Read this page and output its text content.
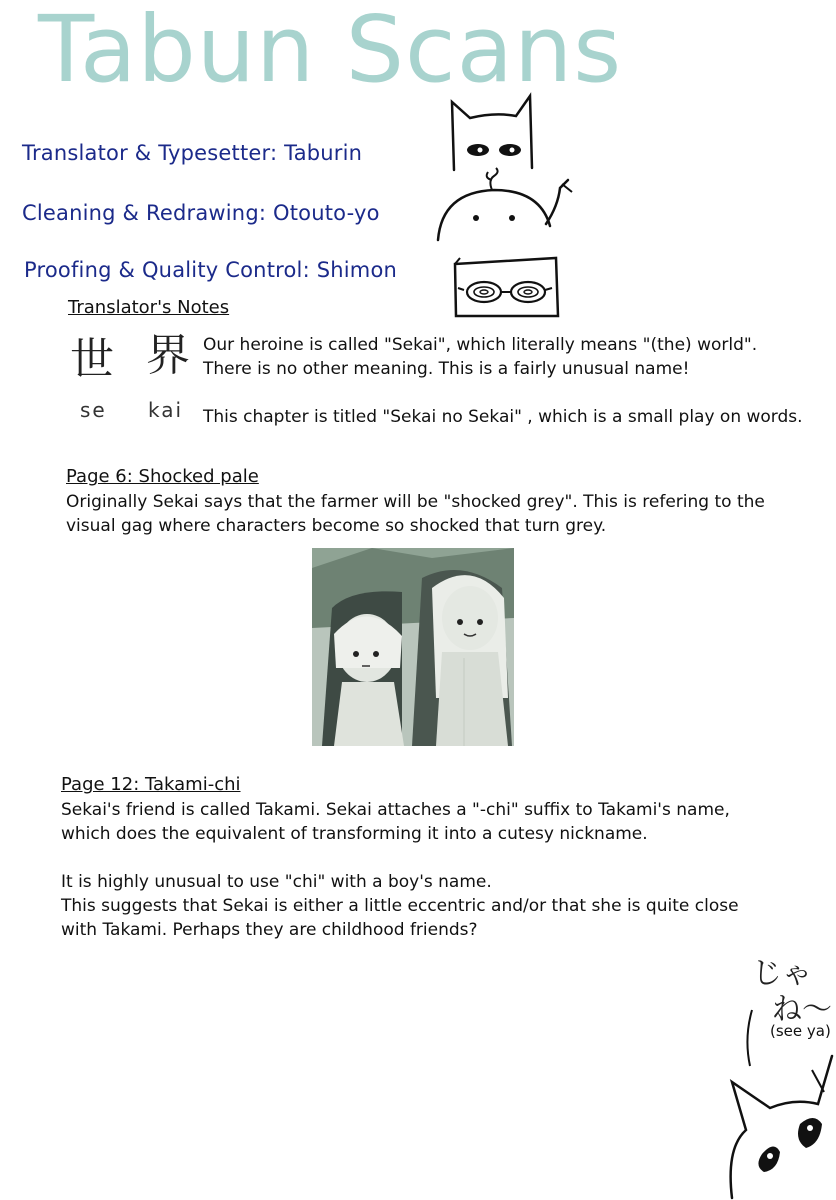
Tabun Scans
Translator & Typesetter: Taburin
Cleaning & Redrawing: Otouto-yo
Proofing & Quality Control: Shimon
Translator's Notes
世 界
se kai
Our heroine is called "Sekai", which literally means "(the) world".
There is no other meaning. This is a fairly unusual name!
This chapter is titled "Sekai no Sekai" , which is a small play on words.
Page 6: Shocked pale
Originally Sekai says that the farmer will be "shocked grey". This is refering to the
visual gag where characters become so shocked that turn grey.
Page 12: Takami-chi
Sekai's friend is called Takami. Sekai attaches a "-chi" suffix to Takami's name,
which does the equivalent of transforming it into a cutesy nickname.
It is highly unusual to use "chi" with a boy's name.
This suggests that Sekai is either a little eccentric and/or that she is quite close
with Takami. Perhaps they are childhood friends?
じゃ
ね〜
(see ya)
